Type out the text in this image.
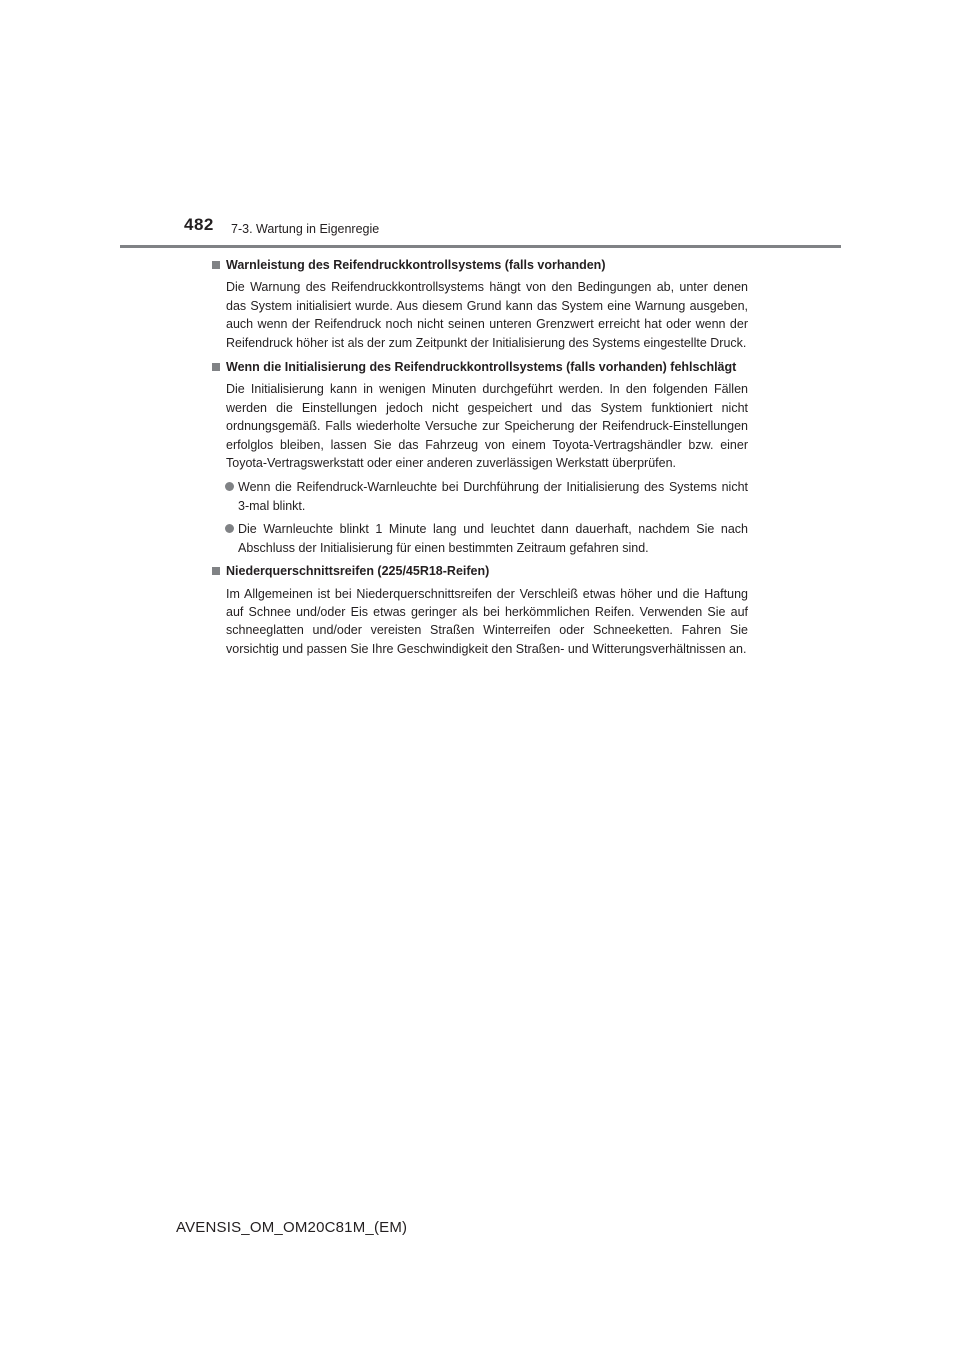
482 7-3. Wartung in Eigenregie
Warnleistung des Reifendruckkontrollsystems (falls vorhanden)
Die Warnung des Reifendruckkontrollsystems hängt von den Bedingungen ab, unter denen das System initialisiert wurde. Aus diesem Grund kann das System eine Warnung ausgeben, auch wenn der Reifendruck noch nicht seinen unteren Grenzwert erreicht hat oder wenn der Reifendruck höher ist als der zum Zeitpunkt der Initialisierung des Systems eingestellte Druck.
Wenn die Initialisierung des Reifendruckkontrollsystems (falls vorhanden) fehlschlägt
Die Initialisierung kann in wenigen Minuten durchgeführt werden. In den folgenden Fällen werden die Einstellungen jedoch nicht gespeichert und das System funktioniert nicht ordnungsgemäß. Falls wiederholte Versuche zur Speicherung der Reifendruck-Einstellungen erfolglos bleiben, lassen Sie das Fahrzeug von einem Toyota-Vertragshändler bzw. einer Toyota-Vertragswerkstatt oder einer anderen zuverlässigen Werkstatt überprüfen.
Wenn die Reifendruck-Warnleuchte bei Durchführung der Initialisierung des Systems nicht 3-mal blinkt.
Die Warnleuchte blinkt 1 Minute lang und leuchtet dann dauerhaft, nachdem Sie nach Abschluss der Initialisierung für einen bestimmten Zeitraum gefahren sind.
Niederquerschnittsreifen (225/45R18-Reifen)
Im Allgemeinen ist bei Niederquerschnittsreifen der Verschleiß etwas höher und die Haftung auf Schnee und/oder Eis etwas geringer als bei herkömmlichen Reifen. Verwenden Sie auf schneeglatten und/oder vereisten Straßen Winterreifen oder Schneeketten. Fahren Sie vorsichtig und passen Sie Ihre Geschwindigkeit den Straßen- und Witterungsverhältnissen an.
AVENSIS_OM_OM20C81M_(EM)
